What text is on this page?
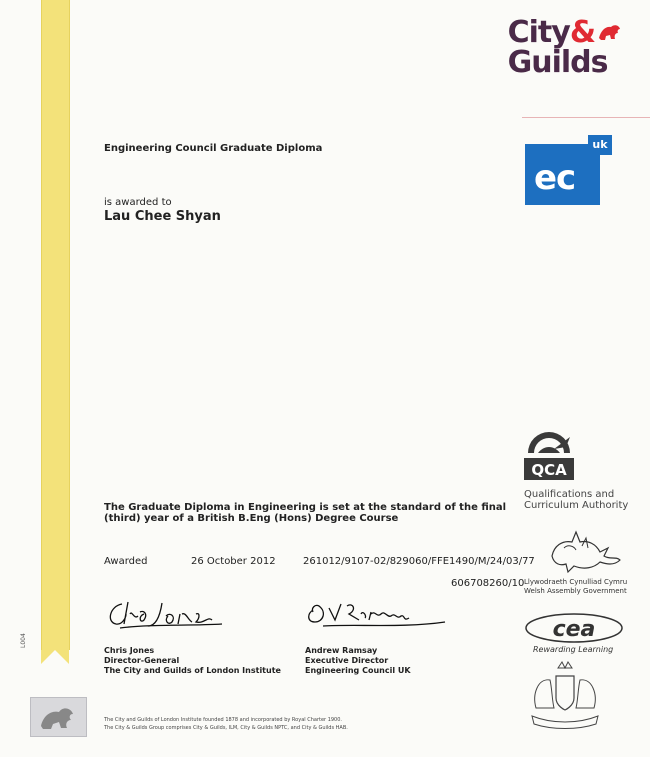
L004
City&
Guilds
ec
uk
Engineering Council Graduate Diploma
is awarded to
Lau Chee Shyan
The Graduate Diploma in Engineering is set at the standard of the final
(third) year of a British B.Eng (Hons) Degree Course
Awarded	26 October 2012	261012/9107-02/829060/FFE1490/M/24/03/77
606708260/10
Chris Jones
Director-General
The City and Guilds of London Institute
Andrew Ramsay
Executive Director
Engineering Council UK
QCA
Qualifications and
Curriculum Authority
Llywodraeth Cynulliad Cymru
Welsh Assembly Government
cea
Rewarding Learning
The City and Guilds of London Institute founded 1878 and incorporated by Royal Charter 1900.
The City & Guilds Group comprises City & Guilds, ILM, City & Guilds NPTC, and City & Guilds HAB.
